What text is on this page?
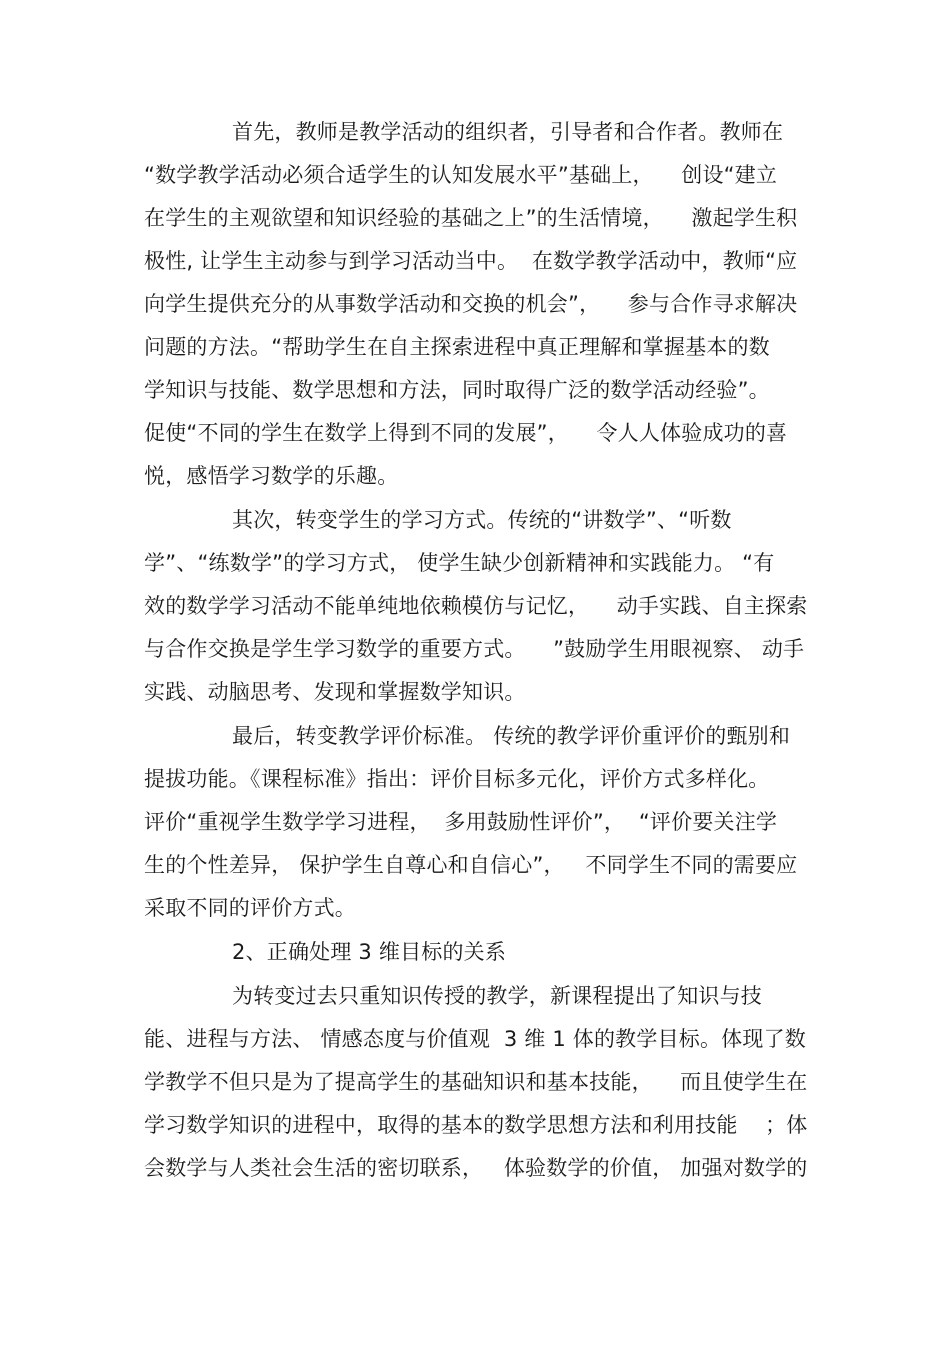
首先，教师是教学活动的组织者，引导者和合作者。教师在
“数学教学活动必须合适学生的认知发展水平”基础上，    创设“建立
在学生的主观欲望和知识经验的基础之上”的生活情境，    激起学生积
极性, 让学生主动参与到学习活动当中。  在数学教学活动中，教师“应
向学生提供充分的从事数学活动和交换的机会”，    参与合作寻求解决
问题的方法。“帮助学生在自主探索进程中真正理解和掌握基本的数
学知识与技能、数学思想和方法，同时取得广泛的数学活动经验”。
促使“不同的学生在数学上得到不同的发展”，    令人人体验成功的喜
悦，感悟学习数学的乐趣。
其次，转变学生的学习方式。传统的“讲数学”、“听数
学”、“练数学”的学习方式， 使学生缺少创新精神和实践能力。 “有
效的数学学习活动不能单纯地依赖模仿与记忆，    动手实践、自主探索
与合作交换是学生学习数学的重要方式。    ”鼓励学生用眼视察、 动手
实践、动脑思考、发现和掌握数学知识。
最后，转变教学评价标准。 传统的教学评价重评价的甄别和
提拔功能。《课程标准》指出：评价目标多元化，评价方式多样化。
评价“重视学生数学学习进程，  多用鼓励性评价”，  “评价要关注学
生的个性差异， 保护学生自尊心和自信心”，   不同学生不同的需要应
采取不同的评价方式。
2、正确处理 3 维目标的关系
为转变过去只重知识传授的教学，新课程提出了知识与技
能、进程与方法、 情感态度与价值观  3 维 1 体的教学目标。体现了数
学教学不但只是为了提高学生的基础知识和基本技能，    而且使学生在
学习数学知识的进程中，取得的基本的数学思想方法和利用技能    ；体
会数学与人类社会生活的密切联系，   体验数学的价值， 加强对数学的
